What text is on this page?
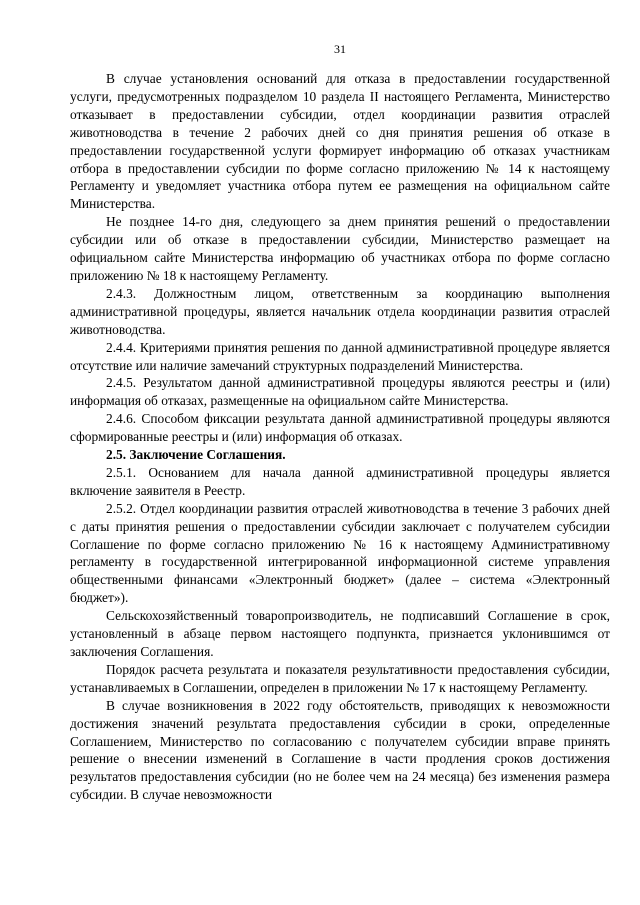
31

В случае установления оснований для отказа в предоставлении государственной услуги, предусмотренных подразделом 10 раздела II настоящего Регламента, Министерство отказывает в предоставлении субсидии, отдел координации развития отраслей животноводства в течение 2 рабочих дней со дня принятия решения об отказе в предоставлении государственной услуги формирует информацию об отказах участникам отбора в предоставлении субсидии по форме согласно приложению № 14 к настоящему Регламенту и уведомляет участника отбора путем ее размещения на официальном сайте Министерства.

Не позднее 14-го дня, следующего за днем принятия решений о предоставлении субсидии или об отказе в предоставлении субсидии, Министерство размещает на официальном сайте Министерства информацию об участниках отбора по форме согласно приложению № 18 к настоящему Регламенту.

2.4.3. Должностным лицом, ответственным за координацию выполнения административной процедуры, является начальник отдела координации развития отраслей животноводства.

2.4.4. Критериями принятия решения по данной административной процедуре является отсутствие или наличие замечаний структурных подразделений Министерства.

2.4.5. Результатом данной административной процедуры являются реестры и (или) информация об отказах, размещенные на официальном сайте Министерства.

2.4.6. Способом фиксации результата данной административной процедуры являются сформированные реестры и (или) информация об отказах.

2.5. Заключение Соглашения.

2.5.1. Основанием для начала данной административной процедуры является включение заявителя в Реестр.

2.5.2. Отдел координации развития отраслей животноводства в течение 3 рабочих дней с даты принятия решения о предоставлении субсидии заключает с получателем субсидии Соглашение по форме согласно приложению № 16 к настоящему Административному регламенту в государственной интегрированной информационной системе управления общественными финансами «Электронный бюджет» (далее – система «Электронный бюджет»).

Сельскохозяйственный товаропроизводитель, не подписавший Соглашение в срок, установленный в абзаце первом настоящего подпункта, признается уклонившимся от заключения Соглашения.

Порядок расчета результата и показателя результативности предоставления субсидии, устанавливаемых в Соглашении, определен в приложении № 17 к настоящему Регламенту.

В случае возникновения в 2022 году обстоятельств, приводящих к невозможности достижения значений результата предоставления субсидии в сроки, определенные Соглашением, Министерство по согласованию с получателем субсидии вправе принять решение о внесении изменений в Соглашение в части продления сроков достижения результатов предоставления субсидии (но не более чем на 24 месяца) без изменения размера субсидии. В случае невозможности
